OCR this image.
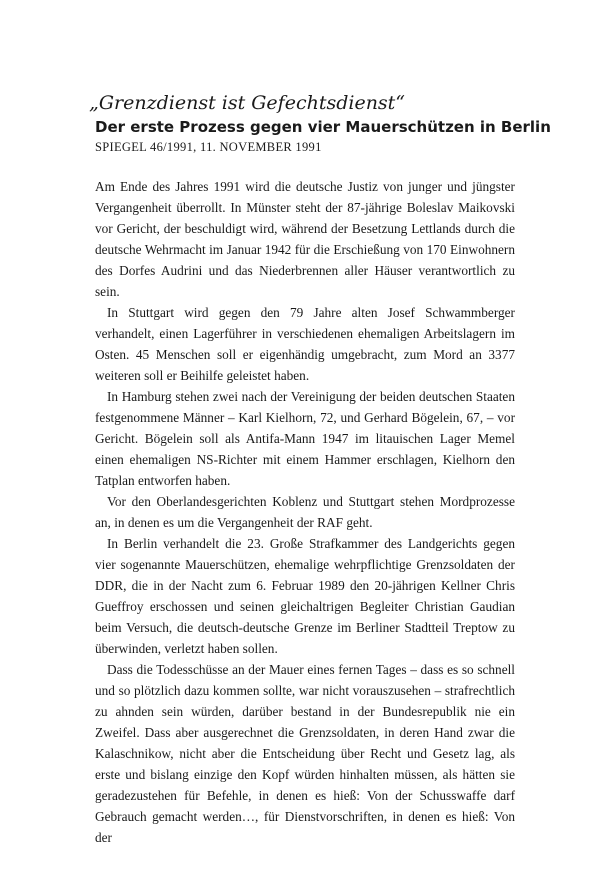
„Grenzdienst ist Gefechtsdienst“
Der erste Prozess gegen vier Mauerschützen in Berlin
SPIEGEL 46/1991, 11. NOVEMBER 1991

Am Ende des Jahres 1991 wird die deutsche Justiz von junger und jüngster Vergangenheit überrollt. In Münster steht der 87-jährige Boleslav Maikovski vor Gericht, der beschuldigt wird, während der Besetzung Lettlands durch die deutsche Wehrmacht im Januar 1942 für die Erschießung von 170 Einwohnern des Dorfes Audrini und das Niederbrennen aller Häuser verantwortlich zu sein.

In Stuttgart wird gegen den 79 Jahre alten Josef Schwammberger verhandelt, einen Lagerführer in verschiedenen ehemaligen Arbeitslagern im Osten. 45 Menschen soll er eigenhändig umgebracht, zum Mord an 3377 weiteren soll er Beihilfe geleistet haben.

In Hamburg stehen zwei nach der Vereinigung der beiden deutschen Staaten festgenommene Männer – Karl Kielhorn, 72, und Gerhard Bögelein, 67, – vor Gericht. Bögelein soll als Antifa-Mann 1947 im litauischen Lager Memel einen ehemaligen NS-Richter mit einem Hammer erschlagen, Kielhorn den Tatplan entworfen haben.

Vor den Oberlandesgerichten Koblenz und Stuttgart stehen Mordprozesse an, in denen es um die Vergangenheit der RAF geht.

In Berlin verhandelt die 23. Große Strafkammer des Landgerichts gegen vier sogenannte Mauerschützen, ehemalige wehrpflichtige Grenzsoldaten der DDR, die in der Nacht zum 6. Februar 1989 den 20-jährigen Kellner Chris Gueffroy erschossen und seinen gleichaltrigen Begleiter Christian Gaudian beim Versuch, die deutsch-deutsche Grenze im Berliner Stadtteil Treptow zu überwinden, verletzt haben sollen.

Dass die Todesschüsse an der Mauer eines fernen Tages – dass es so schnell und so plötzlich dazu kommen sollte, war nicht vorauszusehen – strafrechtlich zu ahnden sein würden, darüber bestand in der Bundesrepublik nie ein Zweifel. Dass aber ausgerechnet die Grenzsoldaten, in deren Hand zwar die Kalaschnikow, nicht aber die Entscheidung über Recht und Gesetz lag, als erste und bislang einzige den Kopf würden hinhalten müssen, als hätten sie geradezustehen für Befehle, in denen es hieß: Von der Schusswaffe darf Gebrauch gemacht werden…, für Dienstvorschriften, in denen es hieß: Von der
